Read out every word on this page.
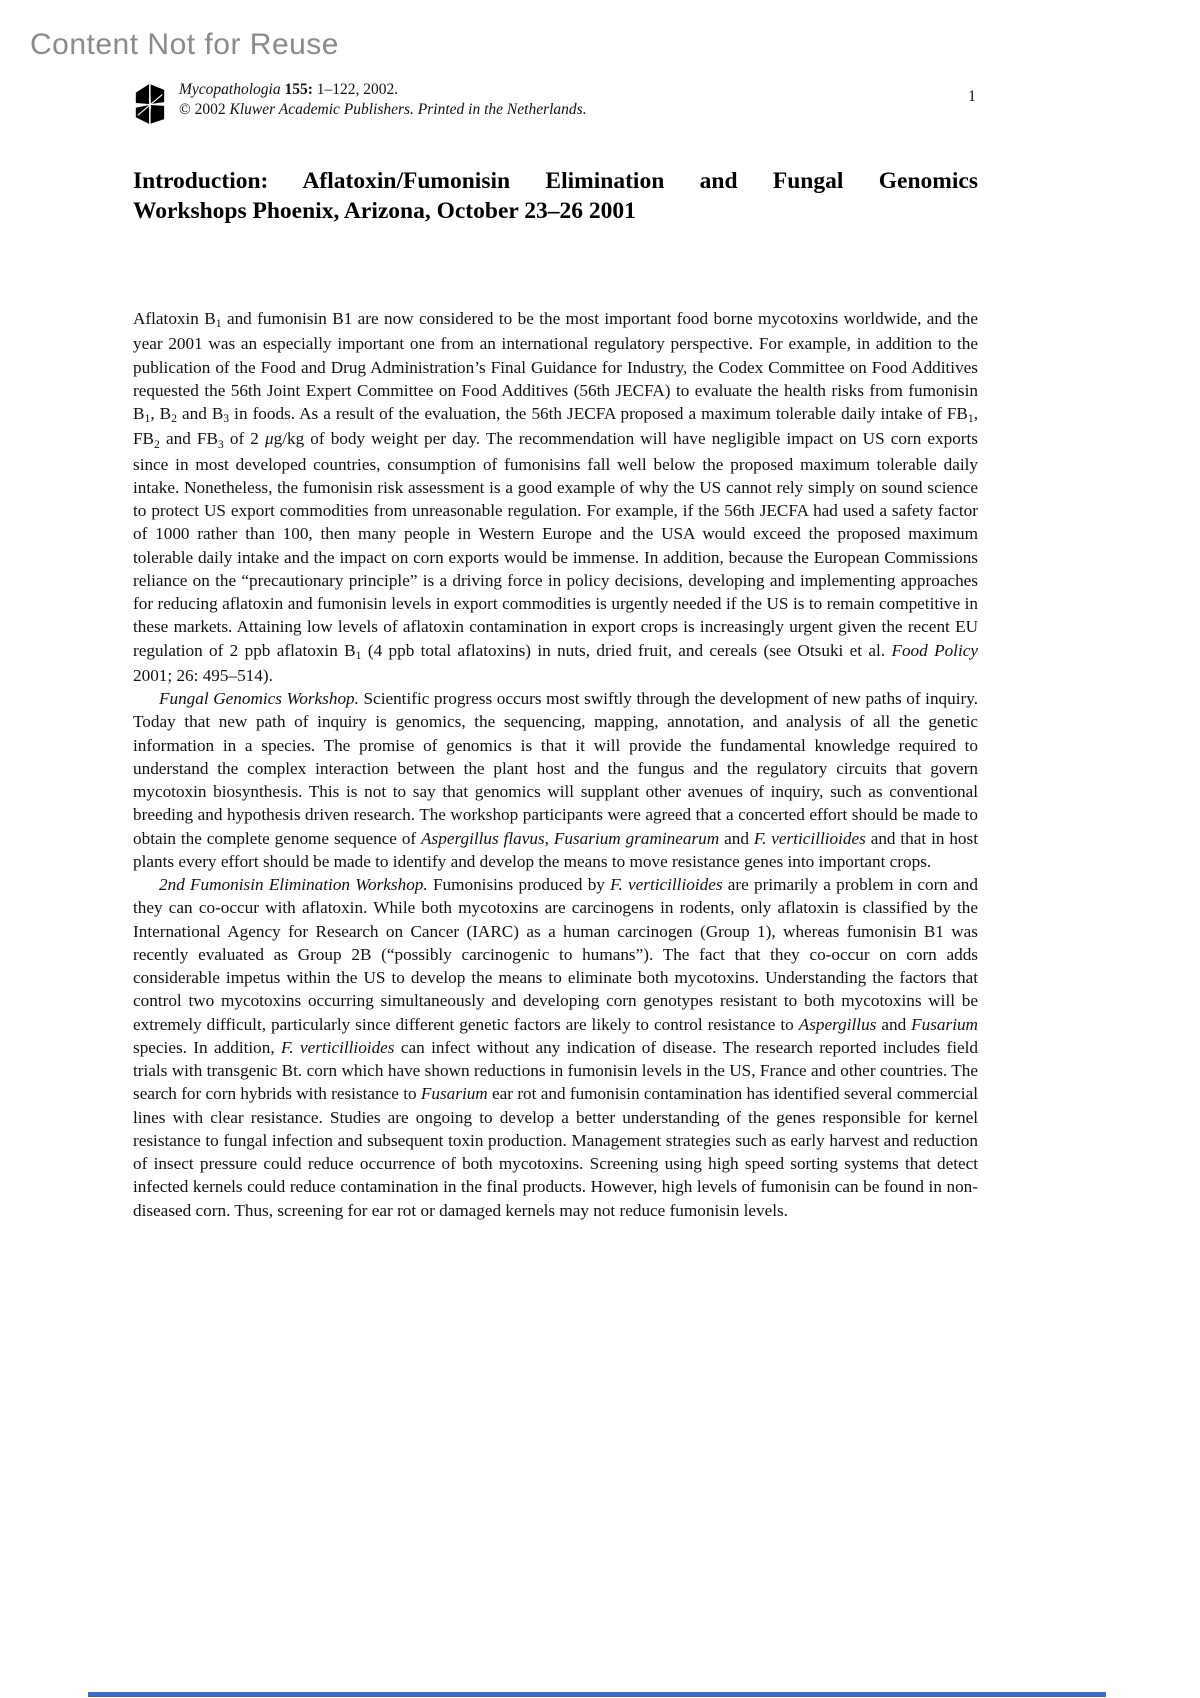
Content Not for Reuse
Mycopathologia 155: 1–122, 2002.
© 2002 Kluwer Academic Publishers. Printed in the Netherlands.
1
Introduction: Aflatoxin/Fumonisin Elimination and Fungal Genomics
Workshops Phoenix, Arizona, October 23–26 2001

Aflatoxin B1 and fumonisin B1 are now considered to be the most important food borne mycotoxins worldwide, and the year 2001 was an especially important one from an international regulatory perspective. For example, in addition to the publication of the Food and Drug Administration’s Final Guidance for Industry, the Codex Committee on Food Additives requested the 56th Joint Expert Committee on Food Additives (56th JECFA) to evaluate the health risks from fumonisin B1, B2 and B3 in foods. As a result of the evaluation, the 56th JECFA proposed a maximum tolerable daily intake of FB1, FB2 and FB3 of 2 μg/kg of body weight per day. The recommendation will have negligible impact on US corn exports since in most developed countries, consumption of fumonisins fall well below the proposed maximum tolerable daily intake. Nonetheless, the fumonisin risk assessment is a good example of why the US cannot rely simply on sound science to protect US export commodities from unreasonable regulation. For example, if the 56th JECFA had used a safety factor of 1000 rather than 100, then many people in Western Europe and the USA would exceed the proposed maximum tolerable daily intake and the impact on corn exports would be immense. In addition, because the European Commissions reliance on the “precautionary principle” is a driving force in policy decisions, developing and implementing approaches for reducing aflatoxin and fumonisin levels in export commodities is urgently needed if the US is to remain competitive in these markets. Attaining low levels of aflatoxin contamination in export crops is increasingly urgent given the recent EU regulation of 2 ppb aflatoxin B1 (4 ppb total aflatoxins) in nuts, dried fruit, and cereals (see Otsuki et al. Food Policy 2001; 26: 495–514).

Fungal Genomics Workshop. Scientific progress occurs most swiftly through the development of new paths of inquiry. Today that new path of inquiry is genomics, the sequencing, mapping, annotation, and analysis of all the genetic information in a species. The promise of genomics is that it will provide the fundamental knowledge required to understand the complex interaction between the plant host and the fungus and the regulatory circuits that govern mycotoxin biosynthesis. This is not to say that genomics will supplant other avenues of inquiry, such as conventional breeding and hypothesis driven research. The workshop participants were agreed that a concerted effort should be made to obtain the complete genome sequence of Aspergillus flavus, Fusarium graminearum and F. verticillioides and that in host plants every effort should be made to identify and develop the means to move resistance genes into important crops.

2nd Fumonisin Elimination Workshop. Fumonisins produced by F. verticillioides are primarily a problem in corn and they can co-occur with aflatoxin. While both mycotoxins are carcinogens in rodents, only aflatoxin is classified by the International Agency for Research on Cancer (IARC) as a human carcinogen (Group 1), whereas fumonisin B1 was recently evaluated as Group 2B (“possibly carcinogenic to humans”). The fact that they co-occur on corn adds considerable impetus within the US to develop the means to eliminate both mycotoxins. Understanding the factors that control two mycotoxins occurring simultaneously and developing corn genotypes resistant to both mycotoxins will be extremely difficult, particularly since different genetic factors are likely to control resistance to Aspergillus and Fusarium species. In addition, F. verticillioides can infect without any indication of disease. The research reported includes field trials with transgenic Bt. corn which have shown reductions in fumonisin levels in the US, France and other countries. The search for corn hybrids with resistance to Fusarium ear rot and fumonisin contamination has identified several commercial lines with clear resistance. Studies are ongoing to develop a better understanding of the genes responsible for kernel resistance to fungal infection and subsequent toxin production. Management strategies such as early harvest and reduction of insect pressure could reduce occurrence of both mycotoxins. Screening using high speed sorting systems that detect infected kernels could reduce contamination in the final products. However, high levels of fumonisin can be found in non-diseased corn. Thus, screening for ear rot or damaged kernels may not reduce fumonisin levels.
